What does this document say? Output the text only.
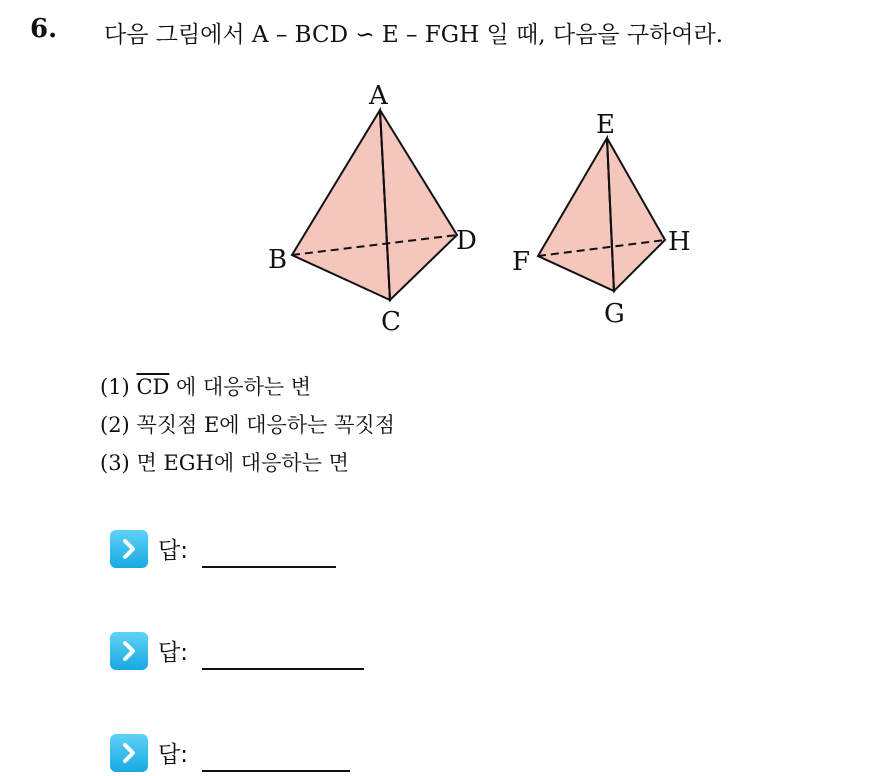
6. 다음 그림에서 A – BCD ∽ E – FGH 일 때, 다음을 구하여라.
A
B
C
D
E
F
G
H
(1) $\overline{CD}$ 에 대응하는 변
(2) 꼭짓점 E에 대응하는 꼭짓점
(3) 면 EGH에 대응하는 면
답:
답:
답:
